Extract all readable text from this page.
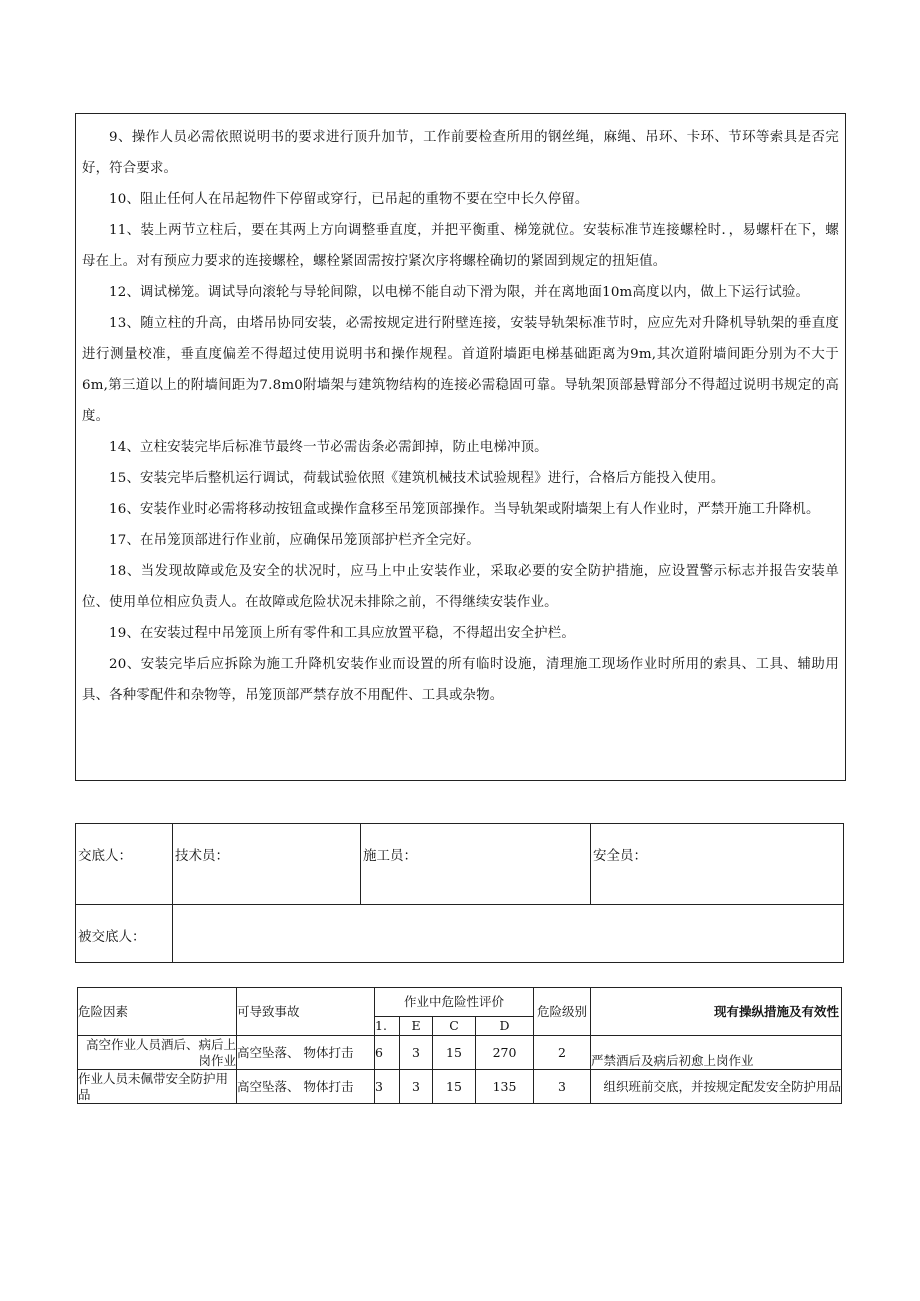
9、操作人员必需依照说明书的要求进行顶升加节，工作前要检查所用的钢丝绳，麻绳、吊环、卡环、节环等索具是否完好，符合要求。

10、阻止任何人在吊起物件下停留或穿行，已吊起的重物不要在空中长久停留。

11、装上两节立柱后，要在其两上方向调整垂直度，并把平衡重、梯笼就位。安装标准节连接螺栓时．，易螺杆在下，螺母在上。对有预应力要求的连接螺栓，螺栓紧固需按拧紧次序将螺栓确切的紧固到规定的扭矩值。

12、调试梯笼。调试导向滚轮与导轮间隙，以电梯不能自动下滑为限，并在离地面10m高度以内，做上下运行试验。

13、随立柱的升高，由塔吊协同安装，必需按规定进行附壁连接，安装导轨架标准节时，应应先对升降机导轨架的垂直度进行测量校准，垂直度偏差不得超过使用说明书和操作规程。首道附墙距电梯基础距离为9m,其次道附墙间距分别为不大于6m,第三道以上的附墙间距为7.8m0附墙架与建筑物结构的连接必需稳固可靠。导轨架顶部悬臂部分不得超过说明书规定的高度。

14、立柱安装完毕后标准节最终一节必需齿条必需卸掉，防止电梯冲顶。

15、安装完毕后整机运行调试，荷载试验依照《建筑机械技术试验规程》进行，合格后方能投入使用。

16、安装作业时必需将移动按钮盒或操作盒移至吊笼顶部操作。当导轨架或附墙架上有人作业时，严禁开施工升降机。

17、在吊笼顶部进行作业前，应确保吊笼顶部护栏齐全完好。

18、当发现故障或危及安全的状况时，应马上中止安装作业，采取必要的安全防护措施，应设置警示标志并报告安装单位、使用单位相应负责人。在故障或危险状况未排除之前，不得继续安装作业。

19、在安装过程中吊笼顶上所有零件和工具应放置平稳，不得超出安全护栏。

20、安装完毕后应拆除为施工升降机安装作业而设置的所有临时设施，清理施工现场作业时所用的索具、工具、辅助用具、各种零配件和杂物等，吊笼顶部严禁存放不用配件、工具或杂物。

交底人：	技术员：	施工员：	安全员：
被交底人：			
危险因素	可导致事故	作业中危险性评价				危险级别	现有操纵措施及有效性
		1.	E	C	D		
高空作业人员酒后、病后上岗作业	高空坠落、 物体打击	6	3	15	270	2	严禁酒后及病后初愈上岗作业
作业人员未佩带安全防护用品	高空坠落、 物体打击	3	3	15	135	3	组织班前交底，并按规定配发安全防护用品
